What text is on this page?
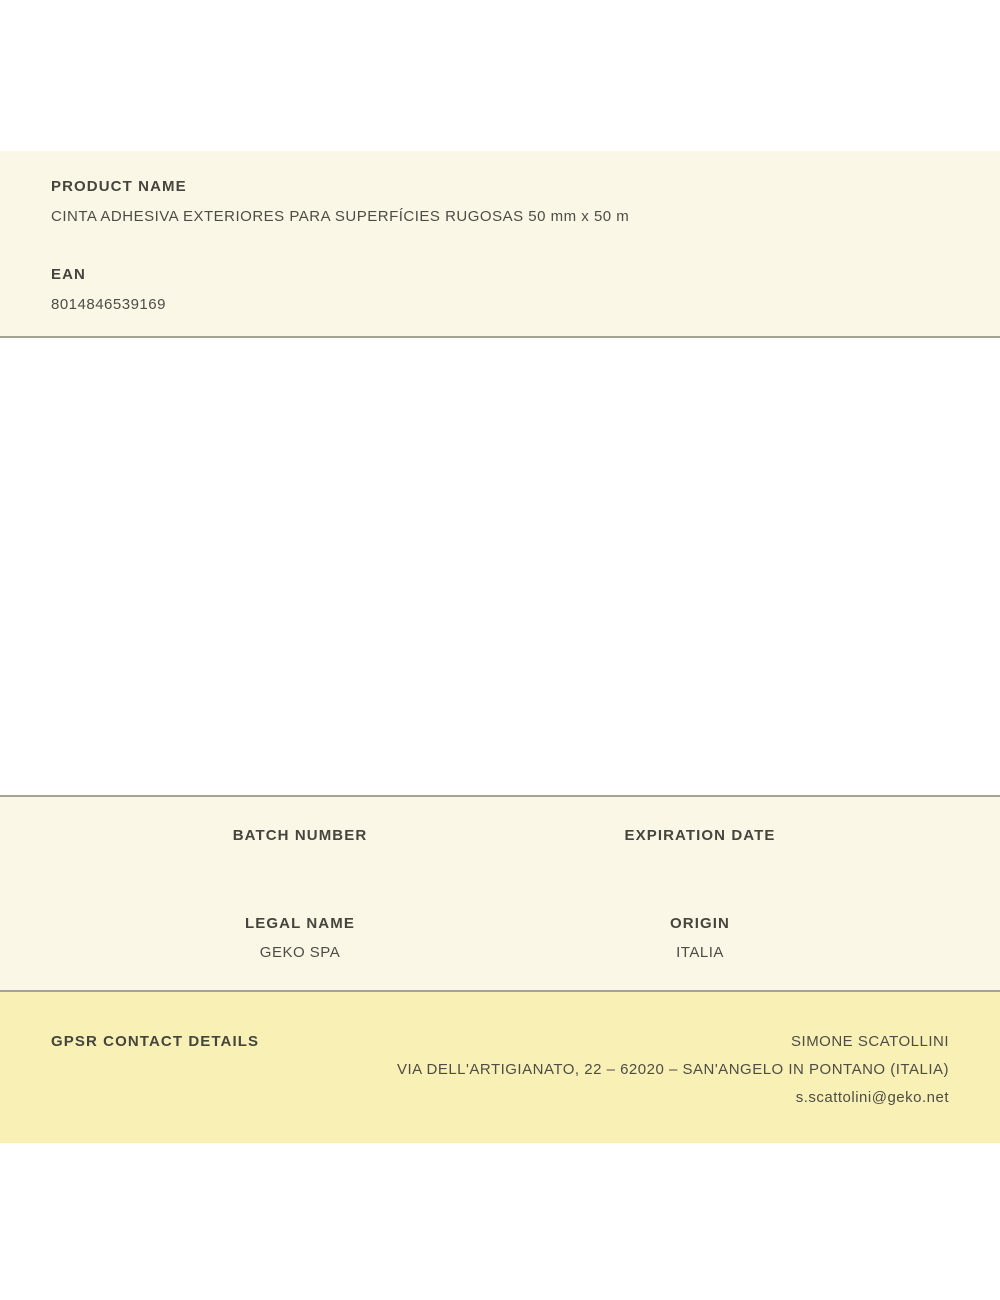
PRODUCT NAME
CINTA ADHESIVA EXTERIORES PARA SUPERFÍCIES RUGOSAS 50 mm x 50 m
EAN
8014846539169
BATCH NUMBER	EXPIRATION DATE
LEGAL NAME
GEKO SPA
ORIGIN
ITALIA
GPSR CONTACT DETAILS	SIMONE SCATOLLINI
VIA DELL'ARTIGIANATO, 22 – 62020 – SAN'ANGELO IN PONTANO (ITALIA)
s.scattolini@geko.net
